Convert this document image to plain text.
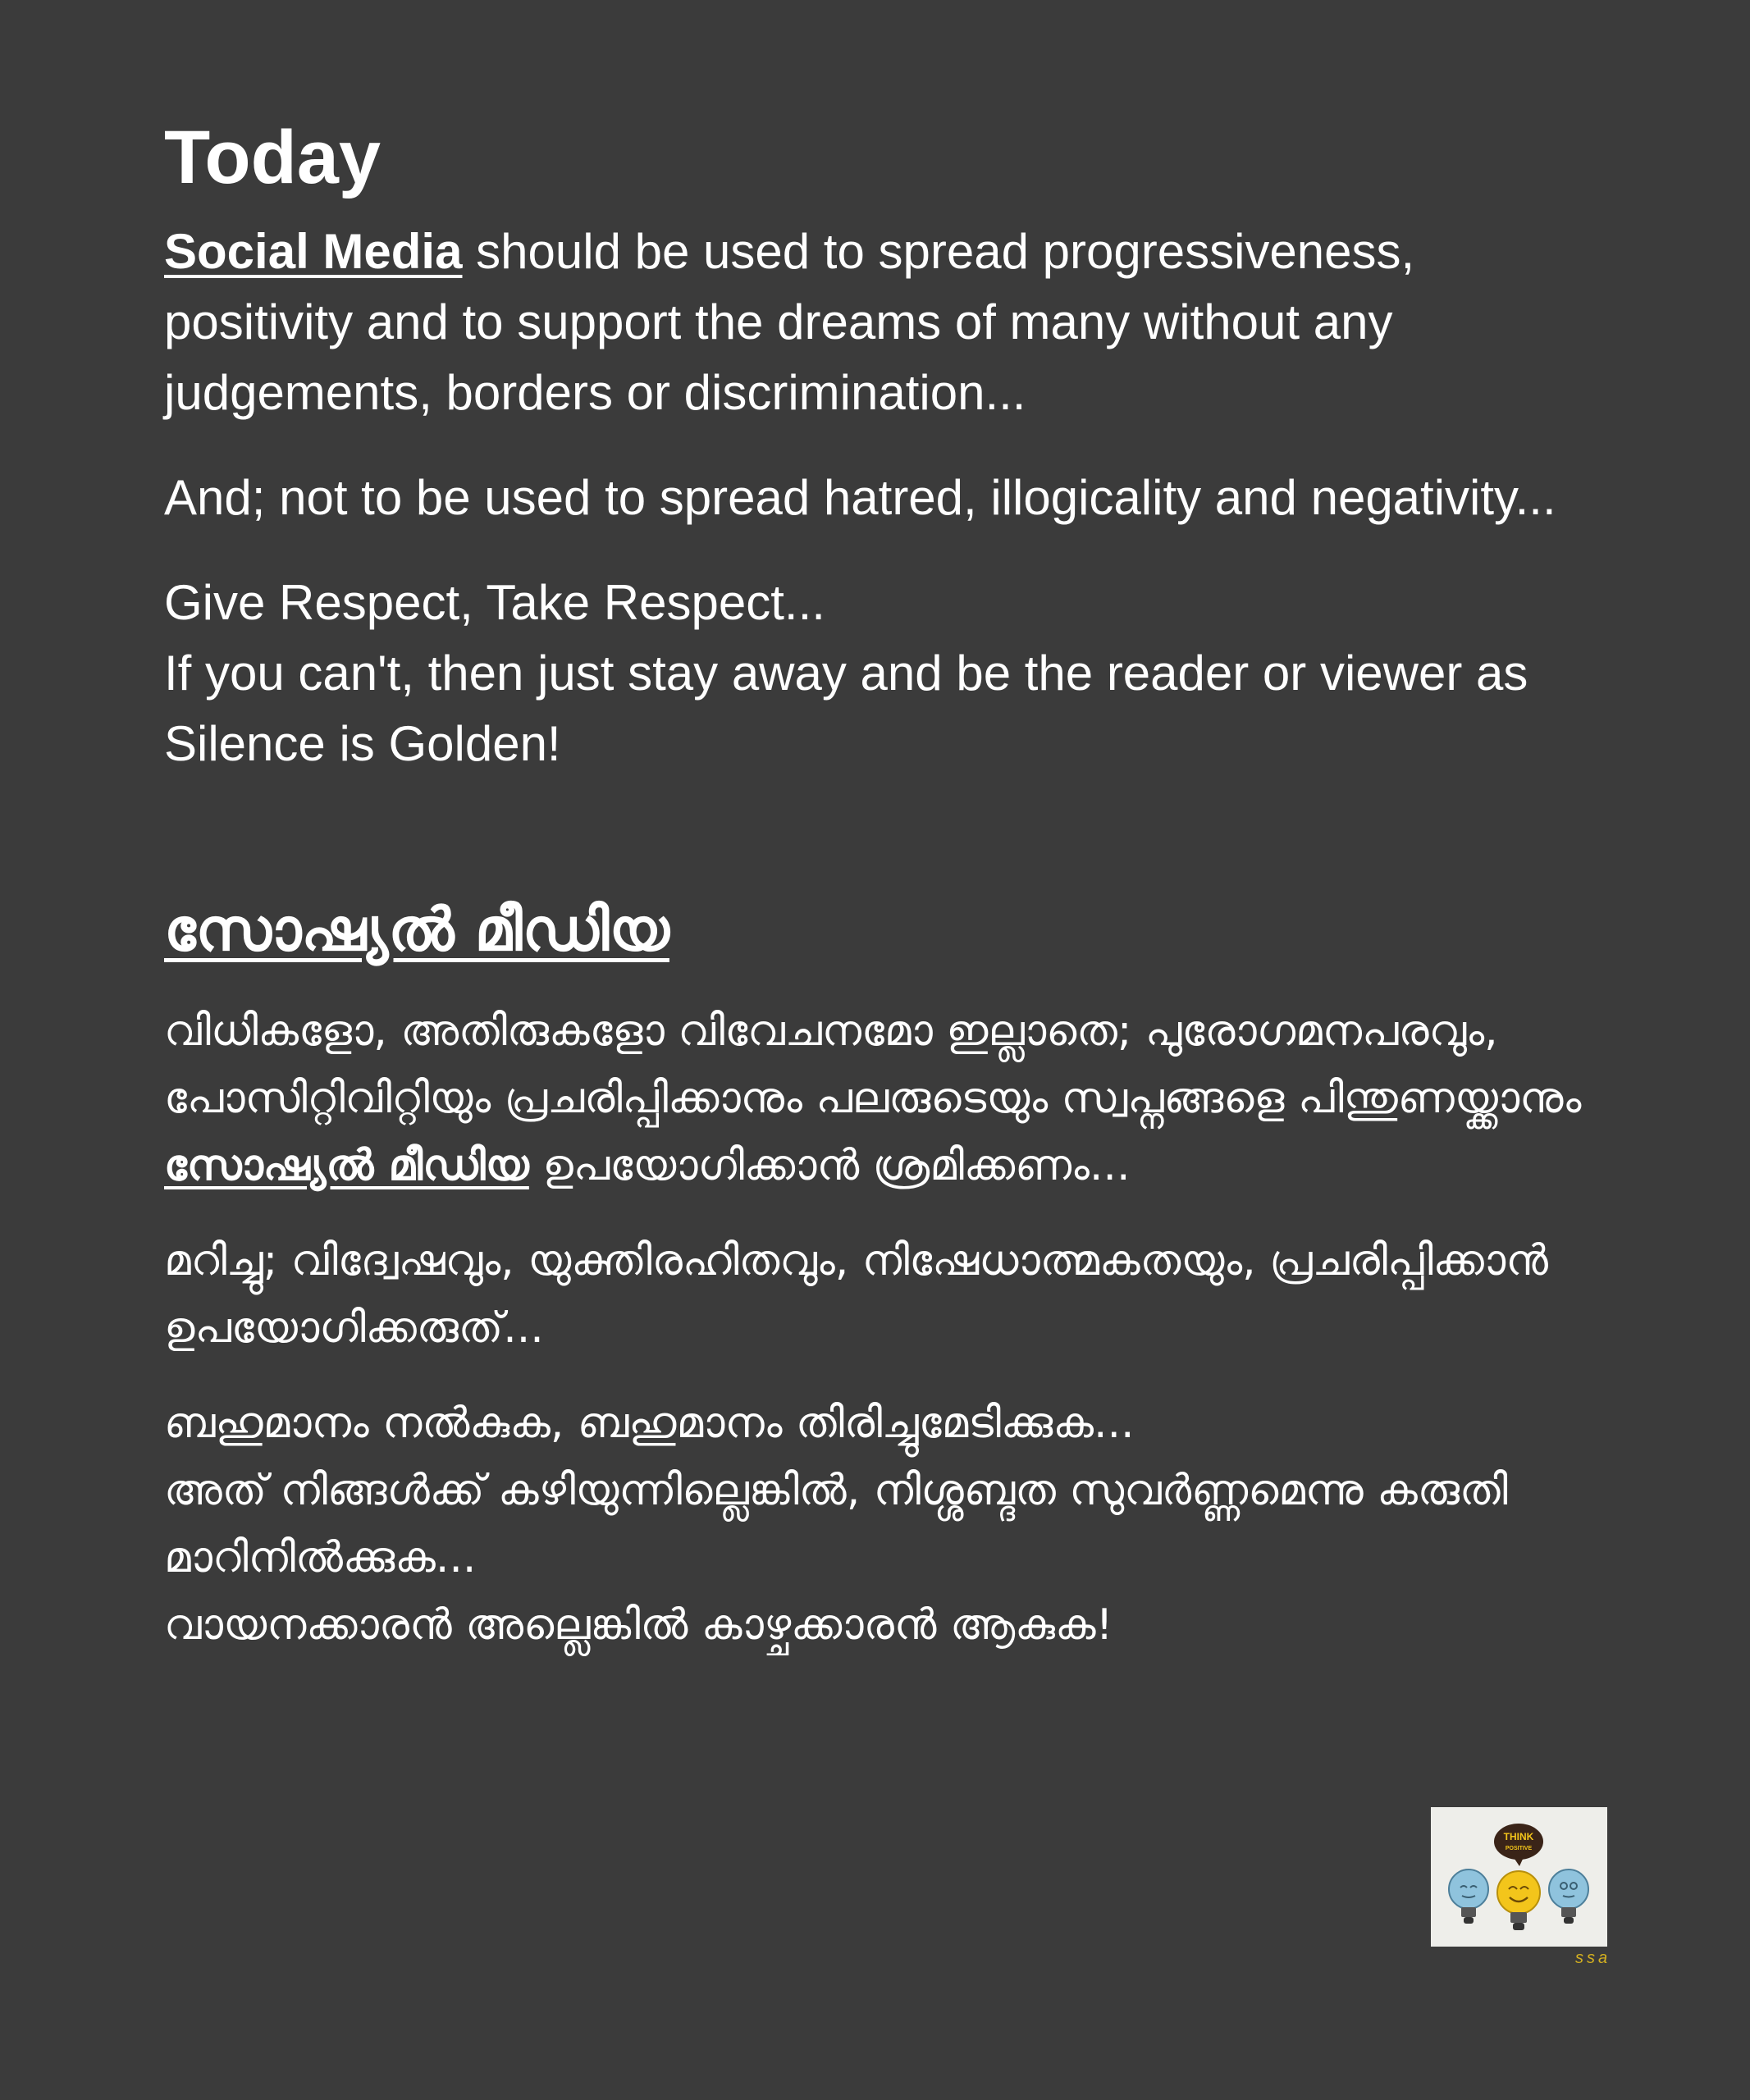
Today

Social Media should be used to spread progressiveness, positivity and to support the dreams of many without any judgements, borders or discrimination...

And; not to be used to spread hatred, illogicality and negativity...

Give Respect, Take Respect...
If you can't, then just stay away and be the reader or viewer as Silence is Golden!

സോഷ്യൽ മീഡിയ

വിധികളോ, അതിരുകളോ വിവേചനമോ ഇല്ലാതെ; പുരോഗമനപരവും, പോസിറ്റിവിറ്റിയും പ്രചരിപ്പിക്കാനും പലരുടെയും സ്വപ്നങ്ങളെ പിന്തുണയ്ക്കാനും സോഷ്യൽ മീഡിയ ഉപയോഗിക്കാൻ ശ്രമിക്കണം...

മറിച്ചു; വിദ്വേഷവും, യുക്തിരഹിതവും, നിഷേധാത്മകതയും, പ്രചരിപ്പിക്കാൻ ഉപയോഗിക്കരുത്...

ബഹുമാനം നൽകുക, ബഹുമാനം തിരിച്ചുമേടിക്കുക...
അത് നിങ്ങൾക്ക് കഴിയുന്നില്ലെങ്കിൽ, നിശ്ശബ്ദത സുവർണ്ണമെന്നു കരുതി മാറിനിൽക്കുക...
വായനക്കാരൻ അല്ലെങ്കിൽ കാഴ്ചക്കാരൻ ആകുക!

THINK
POSITIVE
ssa
